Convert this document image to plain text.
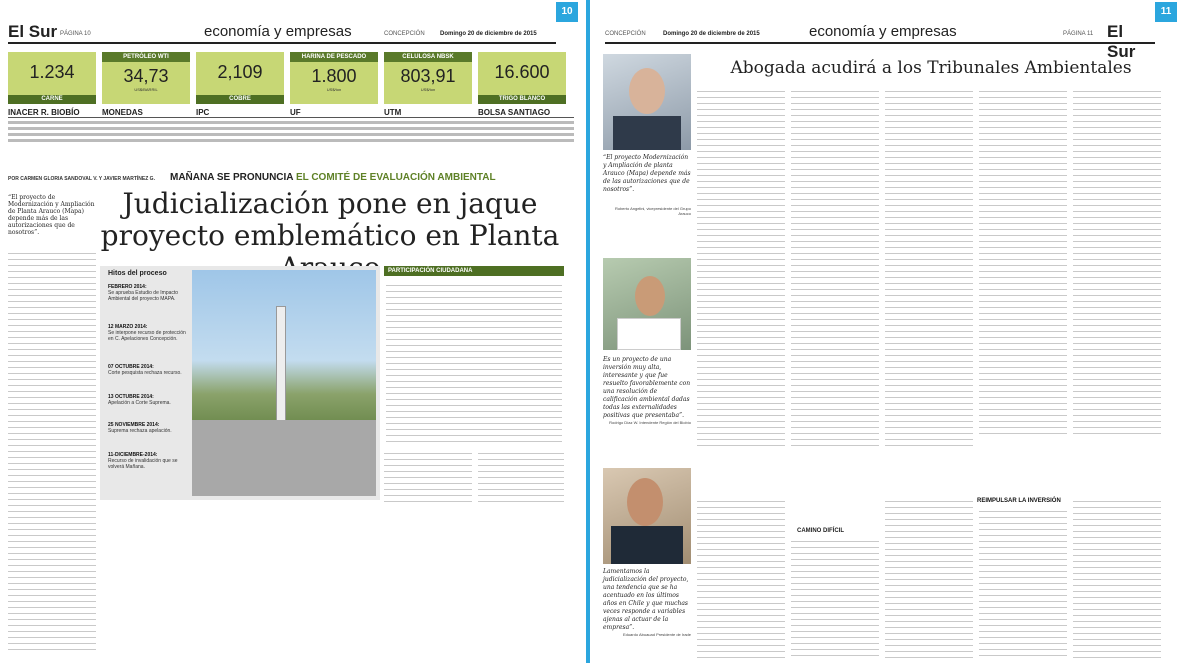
10
El Sur PÁGINA 10	economía y empresas	CONCEPCIÓN	Domingo 20 de diciembre de 2015
1.234
CARNE
PETRÓLEO WTI
34,73
US$/BARRIL
2,109
COBRE
HARINA DE PESCADO
1.800
US$/ton
CELULOSA NBSK
803,91
US$/ton
16.600
TRIGO BLANCO
INACER R. BIOBÍO	MONEDAS	IPC	UF	UTM	BOLSA SANTIAGO
POR CARMEN GLORIA SANDOVAL V. Y JAVIER MARTÍNEZ G. MAÑANA SE PRONUNCIA EL COMITÉ DE EVALUACIÓN AMBIENTAL
Judicialización pone en jaque proyecto emblemático en Planta
“El proyecto de Modernización y Ampliación de Planta Arauco (Mapa) depende más de las autorizaciones que de nosotros”.
Hitos del proceso
FEBRERO 2014:
Se aprueba Estudio de Impacto Ambiental del proyecto MAPA.
12 MARZO 2014:
Se interpone recurso de protección en C. Apelaciones Concepción.
07 OCTUBRE 2014:
Corte pesquista rechaza recurso.
13 OCTUBRE 2014:
Apelación a Corte Suprema.
25 NOVIEMBRE 2014:
Suprema rechaza apelación.
11-DICIEMBRE-2014:
Recurso de invalidación que se volverá Mañana.
PARTICIPACIÓN CIUDADANA
11
CONCEPCIÓN	Domingo 20 de diciembre de 2015	economía y empresas	PÁGINA 11 El Sur
Abogada acudirá a los Tribunales Ambientales
“El proyecto Modernización y Ampliación de planta Arauco (Mapa) depende más de las autorizaciones que de nosotros”.
Roberto Angelini, vicepresidente del Grupo Arauco
Es un proyecto de una inversión muy alta, interesante y que fue resuelto favorablemente con una resolución de calificación ambiental dadas todas las externalidades positivas que presentaba”.
Rodrigo Díaz W. Intendente Región del Biobío
Lamentamos la judicialización del proyecto, una tendencia que se ha acentuado en los últimos años en Chile y que muchas veces responde a variables ajenas al actuar de la empresa”.
Eduardo Abuauad Presidente de Irade
CAMINO DIFÍCIL
REIMPULSAR LA INVERSIÓN
